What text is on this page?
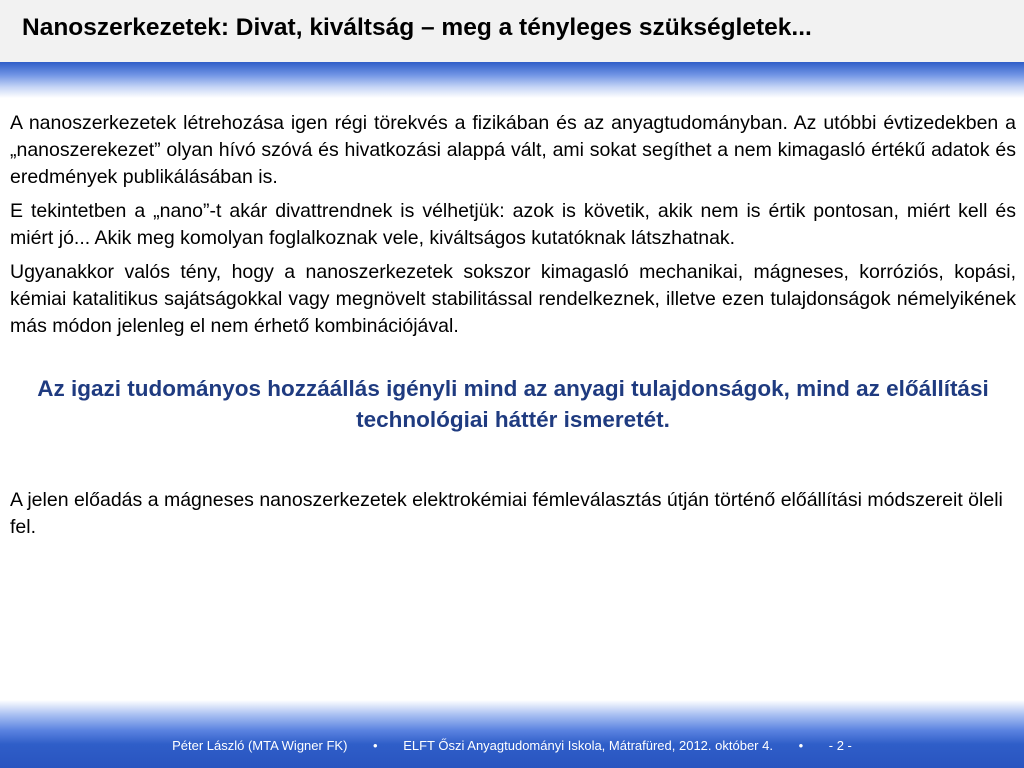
Nanoszerkezetek: Divat, kiváltság – meg a tényleges szükségletek...

A nanoszerkezetek létrehozása igen régi törekvés a fizikában és az anyagtudományban. Az utóbbi évtizedekben a „nanoszerekezet” olyan hívó szóvá és hivatkozási alappá vált, ami sokat segíthet a nem kimagasló értékű adatok és eredmények publikálásában is.

E tekintetben a „nano”-t akár divattrendnek is vélhetjük: azok is követik, akik nem is értik pontosan, miért kell és miért jó... Akik meg komolyan foglalkoznak vele, kiváltságos kutatóknak látszhatnak.

Ugyanakkor valós tény, hogy a nanoszerkezetek sokszor kimagasló mechanikai, mágneses, korróziós, kopási, kémiai katalitikus sajátságokkal vagy megnövelt stabilitással rendelkeznek, illetve ezen tulajdonságok némelyikének más módon jelenleg el nem érhető kombinációjával.

Az igazi tudományos hozzáállás igényli mind az anyagi tulajdonságok, mind az előállítási technológiai háttér ismeretét.

A jelen előadás a mágneses nanoszerkezetek elektrokémiai fémleválasztás útján történő előállítási módszereit öleli fel.

Péter László (MTA Wigner FK) • ELFT Őszi Anyagtudományi Iskola, Mátrafüred, 2012. október 4. • - 2 -
